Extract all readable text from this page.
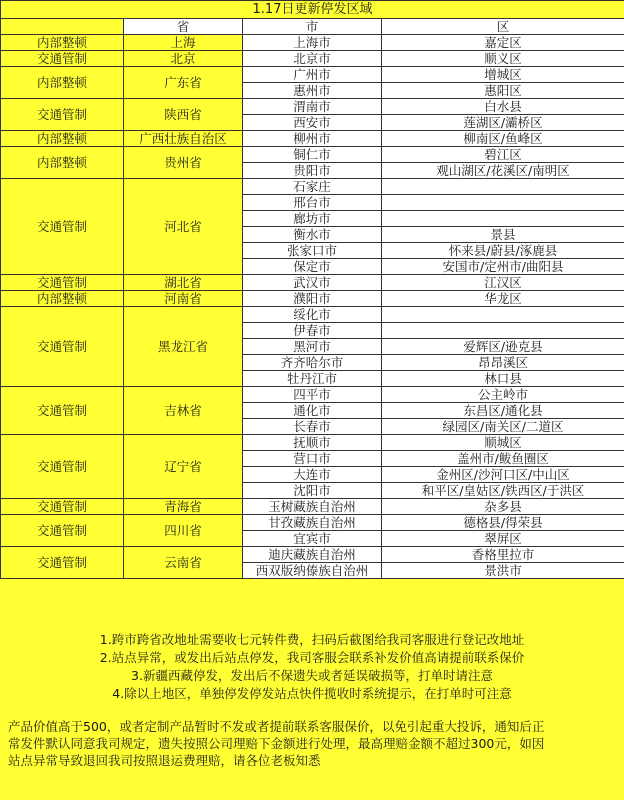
1.17日更新停发区域			
	省	市	区
内部整顿	上海	上海市	嘉定区
交通管制	北京	北京市	顺义区
内部整顿	广东省	广州市	增城区
		惠州市	惠阳区
交通管制	陕西省	渭南市	白水县
		西安市	莲湖区/灞桥区
内部整顿	广西壮族自治区	柳州市	柳南区/鱼峰区
内部整顿	贵州省	铜仁市	碧江区
		贵阳市	观山湖区/花溪区/南明区
交通管制	河北省	石家庄	
		邢台市	
		廊坊市	
		衡水市	景县
		张家口市	怀来县/蔚县/涿鹿县
		保定市	安国市/定州市/曲阳县
交通管制	湖北省	武汉市	江汉区
内部整顿	河南省	濮阳市	华龙区
交通管制	黑龙江省	绥化市	
		伊春市	
		黑河市	爱辉区/逊克县
		齐齐哈尔市	昂昂溪区
		牡丹江市	林口县
交通管制	吉林省	四平市	公主岭市
		通化市	东昌区/通化县
		长春市	绿园区/南关区/二道区
交通管制	辽宁省	抚顺市	顺城区
		营口市	盖州市/鲅鱼圈区
		大连市	金州区/沙河口区/中山区
		沈阳市	和平区/皇姑区/铁西区/于洪区
交通管制	青海省	玉树藏族自治州	杂多县
交通管制	四川省	甘孜藏族自治州	德格县/得荣县
		宜宾市	翠屏区
交通管制	云南省	迪庆藏族自治州	香格里拉市
		西双版纳傣族自治州	景洪市
1.跨市跨省改地址需要收七元转件费，扫码后截图给我司客服进行登记改地址
2.站点异常，或发出后站点停发，我司客服会联系补发价值高请提前联系保价
3.新疆西藏停发，发出后不保遗失或者延误破损等，打单时请注意
4.除以上地区，单独停发停发站点快件揽收时系统提示，在打单时可注意
产品价值高于500，或者定制产品暂时不发或者提前联系客服保价，以免引起重大投诉，通知后正
常发件默认同意我司规定，遗失按照公司理赔下金额进行处理，最高理赔金额不超过300元，如因
站点异常导致退回我司按照退运费理赔，请各位老板知悉
